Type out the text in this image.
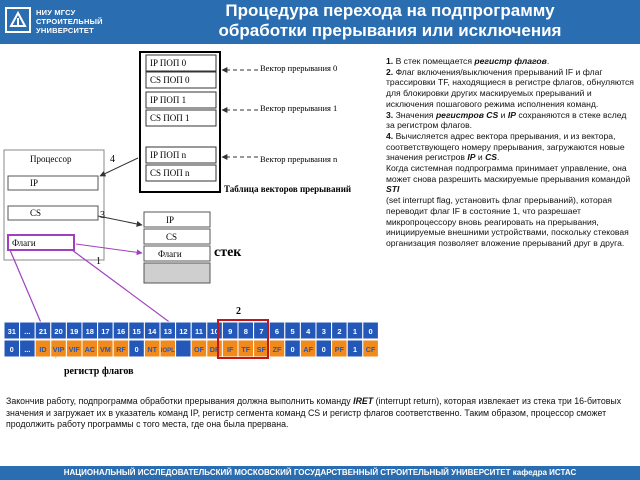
НИУ МГСУ
СТРОИТЕЛЬНЫЙ
УНИВЕРСИТЕТ
Процедура перехода на подпрограмму
обработки прерывания или исключения
IP ПОП 0
CS ПОП 0
IP ПОП 1
CS ПОП 1
IP ПОП n
CS ПОП n
Вектор прерывания 0
Вектор прерывания 1
Вектор прерывания n
Таблица векторов прерываний
Процессор
IP
CS
Флаги
IP
CS
Флаги стек
4
3
1
2
31
0
...
...
21
ID
20
VIP
19
VIF
18
AC
17
VM
16
RF
15
0
14
NT
13
IOPL
12 11
OF
10
DF
9
IF
8
TF
7
SF
6
ZF
5
0
4
AF
3
0
2
PF
1
1
0
CF
регистр флагов

1. В стек помещается регистр флагов.

2. Флаг включения/выключения прерываний IF и флаг трассировки TF, находящиеся в регистре флагов, обнуляются для блокировки других маскируемых прерываний и исключения пошагового режима исполнения команд.

3. Значения регистров CS и IP сохраняются в стеке вслед за регистром флагов.

4. Вычисляется адрес вектора прерывания, и из вектора, соответствующего номеру прерывания, загружаются новые значения регистров IP и CS.

Когда системная подпрограмма принимает управление, она может снова разрешить маскируемые прерывания командой STI

(set interrupt flag, установить флаг прерываний), которая переводит флаг IF в состояние 1, что разрешает микропроцессору вновь реагировать на прерывания, инициируемые внешними устройствами, поскольку стековая организация позволяет вложение прерываний друг в друга.

Закончив работу, подпрограмма обработки прерывания должна выполнить команду IRET (interrupt return), которая извлекает из стека три 16-битовых значения и загружает их в указатель команд IP, регистр сегмента команд CS и регистр флагов соответственно. Таким образом, процессор сможет продолжить работу программы с того места, где она была прервана.
НАЦИОНАЛЬНЫЙ ИССЛЕДОВАТЕЛЬСКИЙ МОСКОВСКИЙ ГОСУДАРСТВЕННЫЙ СТРОИТЕЛЬНЫЙ УНИВЕРСИТЕТ кафедра ИСТАС
